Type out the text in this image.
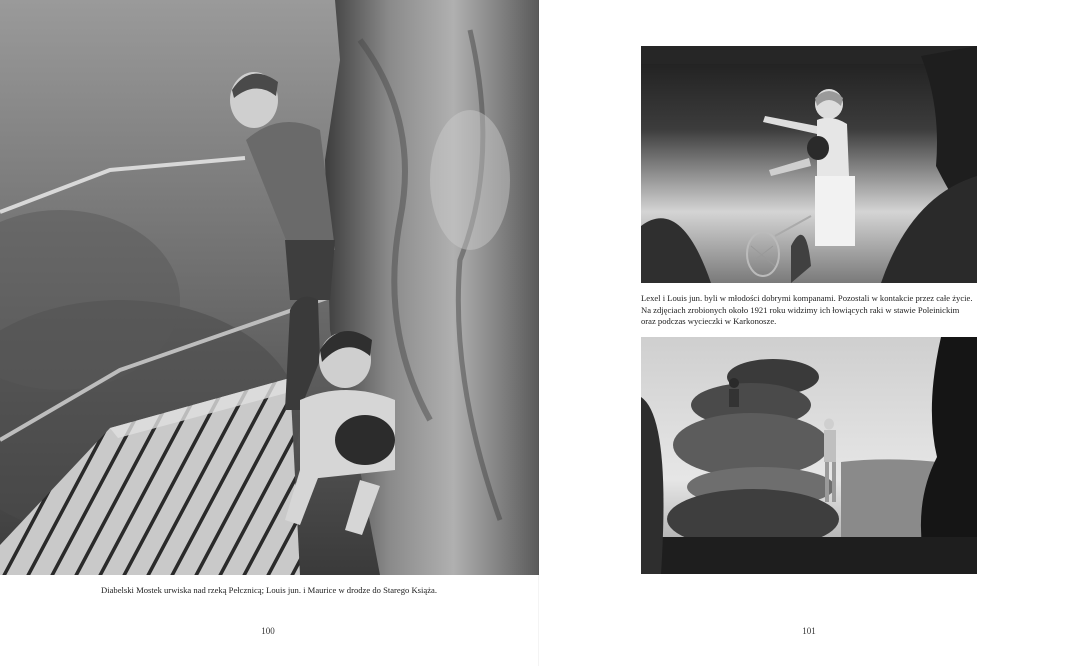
Diabelski Mostek urwiska nad rzeką Pełcznicą; Louis jun. i Maurice w drodze do Starego Książa.
100
Lexel i Louis jun. byli w młodości dobrymi kompanami. Pozostali w kontakcie przez całe życie.
Na zdjęciach zrobionych około 1921 roku widzimy ich łowiących raki w stawie Poleinickim
oraz podczas wycieczki w Karkonosze.
101
